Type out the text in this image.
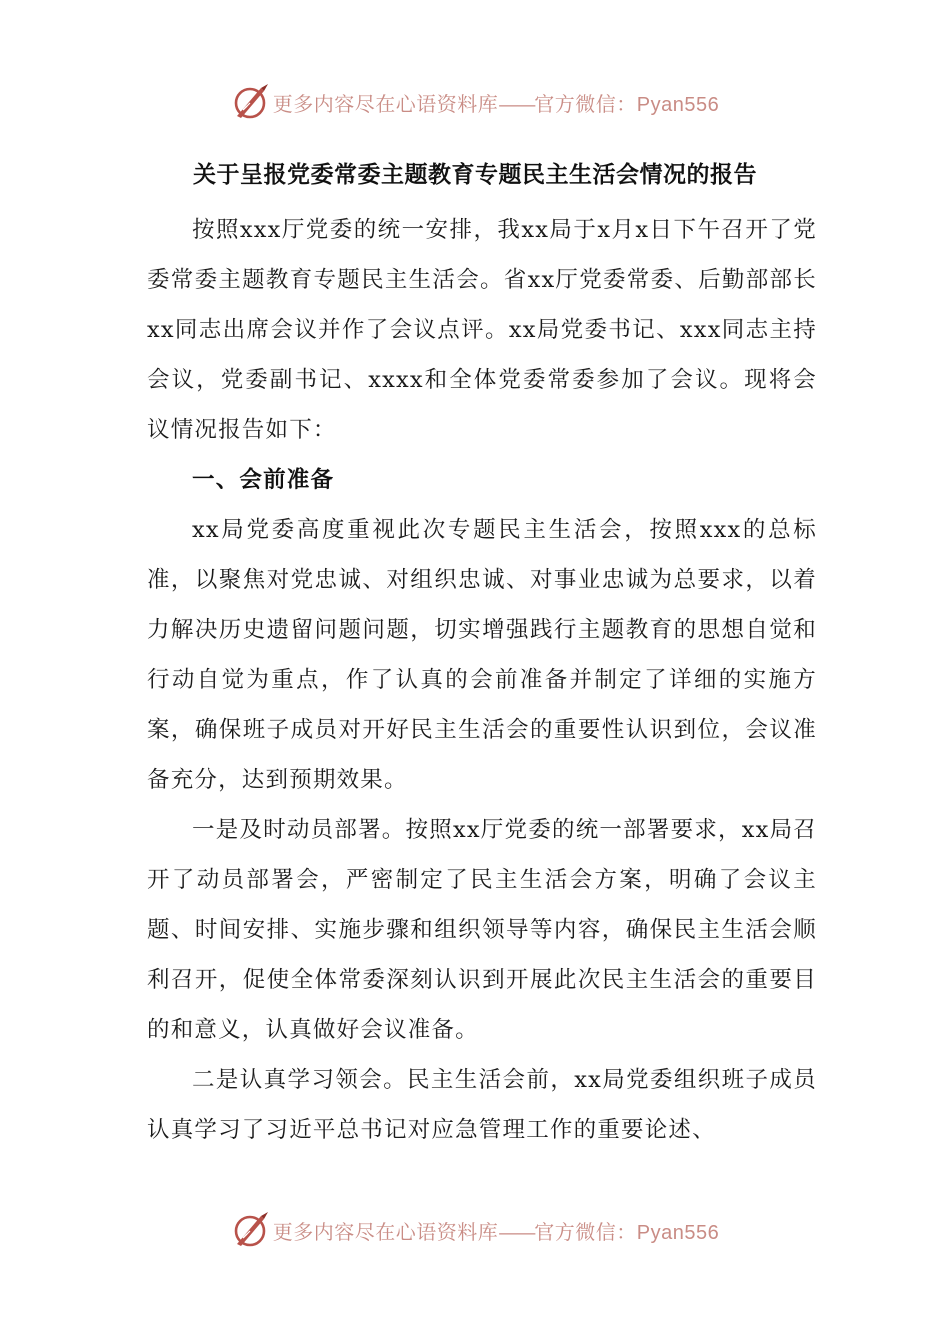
更多内容尽在心语资料库——官方微信：Pyan556
关于呈报党委常委主题教育专题民主生活会情况的报告

按照xxx厅党委的统一安排，我xx局于x月x日下午召开了党委常委主题教育专题民主生活会。省xx厅党委常委、后勤部部长xx同志出席会议并作了会议点评。xx局党委书记、xxx同志主持会议，党委副书记、xxxx和全体党委常委参加了会议。现将会议情况报告如下：

一、会前准备

xx局党委高度重视此次专题民主生活会，按照xxx的总标准，以聚焦对党忠诚、对组织忠诚、对事业忠诚为总要求，以着力解决历史遗留问题问题，切实增强践行主题教育的思想自觉和行动自觉为重点，作了认真的会前准备并制定了详细的实施方案，确保班子成员对开好民主生活会的重要性认识到位，会议准备充分，达到预期效果。

一是及时动员部署。按照xx厅党委的统一部署要求，xx局召开了动员部署会，严密制定了民主生活会方案，明确了会议主题、时间安排、实施步骤和组织领导等内容，确保民主生活会顺利召开，促使全体常委深刻认识到开展此次民主生活会的重要目的和意义，认真做好会议准备。

二是认真学习领会。民主生活会前，xx局党委组织班子成员认真学习了习近平总书记对应急管理工作的重要论述、

更多内容尽在心语资料库——官方微信：Pyan556
